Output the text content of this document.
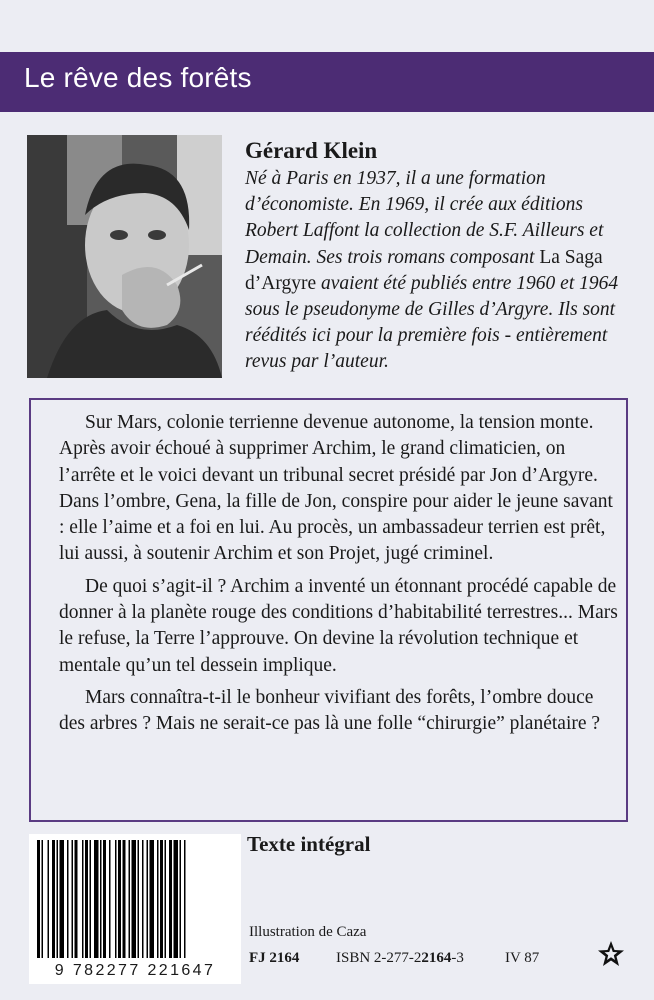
Le rêve des forêts
Gérard Klein
Né à Paris en 1937, il a une formation d’économiste. En 1969, il crée aux éditions Robert Laffont la collection de S.F. Ailleurs et Demain. Ses trois romans composant La Saga d’Argyre avaient été publiés entre 1960 et 1964 sous le pseudonyme de Gilles d’Argyre. Ils sont réédités ici pour la première fois - entièrement revus par l’auteur.

Sur Mars, colonie terrienne devenue autonome, la tension monte. Après avoir échoué à supprimer Archim, le grand climaticien, on l’arrête et le voici devant un tribunal secret présidé par Jon d’Argyre. Dans l’ombre, Gena, la fille de Jon, conspire pour aider le jeune savant : elle l’aime et a foi en lui. Au procès, un ambassadeur terrien est prêt, lui aussi, à soutenir Archim et son Projet, jugé criminel.

De quoi s’agit-il ? Archim a inventé un étonnant procédé capable de donner à la planète rouge des conditions d’habitabilité terrestres... Mars le refuse, la Terre l’approuve. On devine la révolution technique et mentale qu’un tel dessein implique.

Mars connaîtra-t-il le bonheur vivifiant des forêts, l’ombre douce des arbres ? Mais ne serait-ce pas là une folle “chirurgie” planétaire ?

Texte intégral
9 782277 221647
Illustration de Caza
FJ 2164 ISBN 2-277-22164-3	IV 87
